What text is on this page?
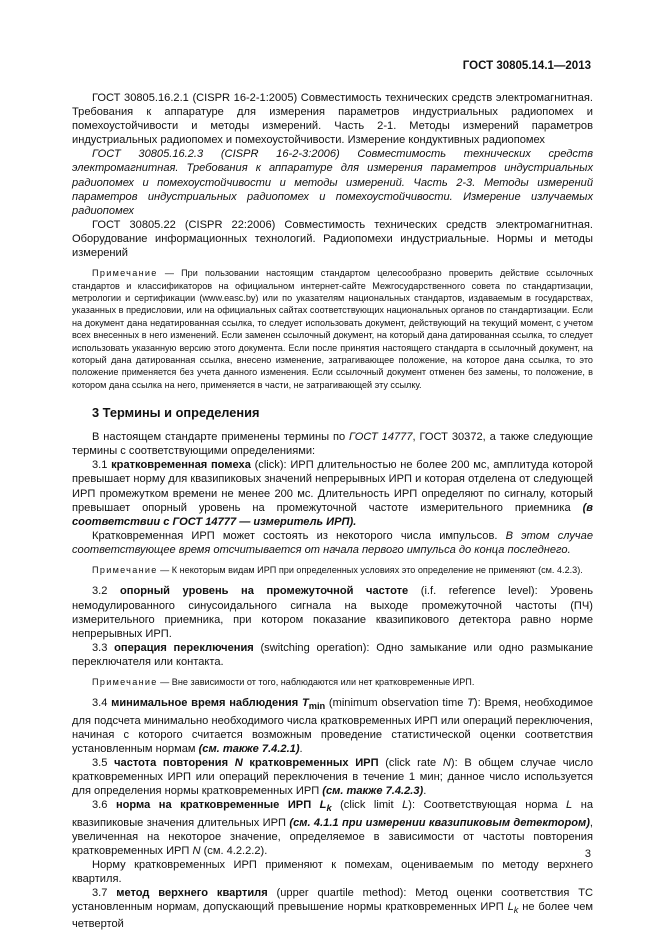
ГОСТ 30805.14.1—2013

ГОСТ 30805.16.2.1 (CISPR 16-2-1:2005) Совместимость технических средств электромагнитная. Требования к аппаратуре для измерения параметров индустриальных радиопомех и помехоустойчивости и методы измерений. Часть 2-1. Методы измерений параметров индустриальных радиопомех и помехоустойчивости. Измерение кондуктивных радиопомех

ГОСТ 30805.16.2.3 (CISPR 16-2-3:2006) Совместимость технических средств электромагнитная. Требования к аппаратуре для измерения параметров индустриальных радиопомех и помехоустойчивости и методы измерений. Часть 2-3. Методы измерений параметров индустриальных радиопомех и помехоустойчивости. Измерение излучаемых радиопомех

ГОСТ 30805.22 (CISPR 22:2006) Совместимость технических средств электромагнитная. Оборудование информационных технологий. Радиопомехи индустриальные. Нормы и методы измерений

Примечание — При пользовании настоящим стандартом целесообразно проверить действие ссылочных стандартов и классификаторов на официальном интернет-сайте Межгосударственного совета по стандартизации, метрологии и сертификации (www.easc.by) или по указателям национальных стандартов, издаваемым в государствах, указанных в предисловии, или на официальных сайтах соответствующих национальных органов по стандартизации. Если на документ дана недатированная ссылка, то следует использовать документ, действующий на текущий момент, с учетом всех внесенных в него изменений. Если заменен ссылочный документ, на который дана датированная ссылка, то следует использовать указанную версию этого документа. Если после принятия настоящего стандарта в ссылочный документ, на который дана датированная ссылка, внесено изменение, затрагивающее положение, на которое дана ссылка, то это положение применяется без учета данного изменения. Если ссылочный документ отменен без замены, то положение, в котором дана ссылка на него, применяется в части, не затрагивающей эту ссылку.

3 Термины и определения

В настоящем стандарте применены термины по ГОСТ 14777, ГОСТ 30372, а также следующие термины с соответствующими определениями:

3.1 кратковременная помеха (click): ИРП длительностью не более 200 мс, амплитуда которой превышает норму для квазипиковых значений непрерывных ИРП и которая отделена от следующей ИРП промежутком времени не менее 200 мс. Длительность ИРП определяют по сигналу, который превышает опорный уровень на промежуточной частоте измерительного приемника (в соответствии с ГОСТ 14777 — измеритель ИРП).

Кратковременная ИРП может состоять из некоторого числа импульсов. В этом случае соответствующее время отсчитывается от начала первого импульса до конца последнего.

Примечание — К некоторым видам ИРП при определенных условиях это определение не применяют (см. 4.2.3).

3.2 опорный уровень на промежуточной частоте (i.f. reference level): Уровень немодулированного синусоидального сигнала на выходе промежуточной частоты (ПЧ) измерительного приемника, при котором показание квазипикового детектора равно норме непрерывных ИРП.

3.3 операция переключения (switching operation): Одно замыкание или одно размыкание переключателя или контакта.

Примечание — Вне зависимости от того, наблюдаются или нет кратковременные ИРП.

3.4 минимальное время наблюдения $T_{min}$ (minimum observation time T): Время, необходимое для подсчета минимально необходимого числа кратковременных ИРП или операций переключения, начиная с которого считается возможным проведение статистической оценки соответствия установленным нормам (см. также 7.4.2.1).

3.5 частота повторения N кратковременных ИРП (click rate N): В общем случае число кратковременных ИРП или операций переключения в течение 1 мин; данное число используется для определения нормы кратковременных ИРП (см. также 7.4.2.3).

3.6 норма на кратковременные ИРП $L_k$ (click limit L): Соответствующая норма L на квазипиковые значения длительных ИРП (см. 4.1.1 при измерении квазипиковым детектором), увеличенная на некоторое значение, определяемое в зависимости от частоты повторения кратковременных ИРП N (см. 4.2.2.2).

Норму кратковременных ИРП применяют к помехам, оцениваемым по методу верхнего квартиля.

3.7 метод верхнего квартиля (upper quartile method): Метод оценки соответствия ТС установленным нормам, допускающий превышение нормы кратковременных ИРП $L_k$ не более чем четвертой

3
